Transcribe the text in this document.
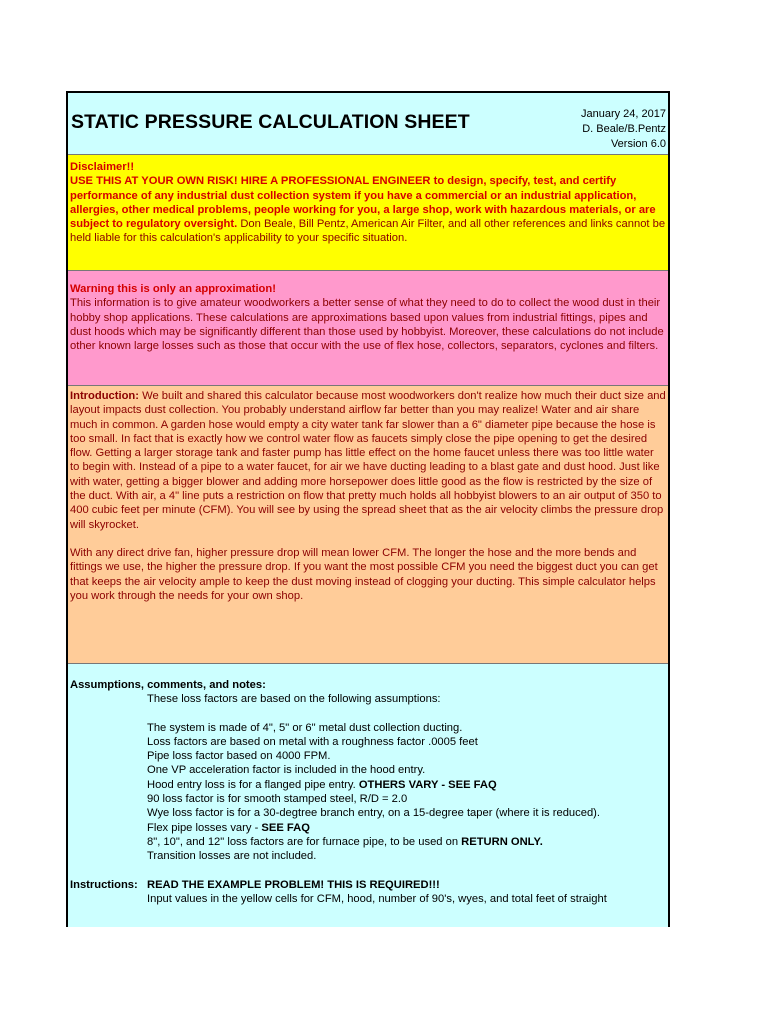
STATIC PRESSURE CALCULATION SHEET	January 24, 2017
D. Beale/B.Pentz
Version 6.0

Disclaimer!!

USE THIS AT YOUR OWN RISK! HIRE A PROFESSIONAL ENGINEER to design, specify, test, and certify performance of any industrial dust collection system if you have a commercial or an industrial application, allergies, other medical problems, people working for you, a large shop, work with hazardous materials, or are subject to regulatory oversight. Don Beale, Bill Pentz, American Air Filter, and all other references and links cannot be held liable for this calculation's applicability to your specific situation.

Warning this is only an approximation!

This information is to give amateur woodworkers a better sense of what they need to do to collect the wood dust in their hobby shop applications. These calculations are approximations based upon values from industrial fittings, pipes and dust hoods which may be significantly different than those used by hobbyist. Moreover, these calculations do not include other known large losses such as those that occur with the use of flex hose, collectors, separators, cyclones and filters.

Introduction: We built and shared this calculator because most woodworkers don't realize how much their duct size and layout impacts dust collection. You probably understand airflow far better than you may realize! Water and air share much in common. A garden hose would empty a city water tank far slower than a 6" diameter pipe because the hose is too small. In fact that is exactly how we control water flow as faucets simply close the pipe opening to get the desired flow. Getting a larger storage tank and faster pump has little effect on the home faucet unless there was too little water to begin with. Instead of a pipe to a water faucet, for air we have ducting leading to a blast gate and dust hood. Just like with water, getting a bigger blower and adding more horsepower does little good as the flow is restricted by the size of the duct. With air, a 4" line puts a restriction on flow that pretty much holds all hobbyist blowers to an air output of 350 to 400 cubic feet per minute (CFM). You will see by using the spread sheet that as the air velocity climbs the pressure drop will skyrocket.

With any direct drive fan, higher pressure drop will mean lower CFM. The longer the hose and the more bends and fittings we use, the higher the pressure drop. If you want the most possible CFM you need the biggest duct you can get that keeps the air velocity ample to keep the dust moving instead of clogging your ducting. This simple calculator helps you work through the needs for your own shop.

Assumptions, comments, and notes:

These loss factors are based on the following assumptions:

The system is made of 4", 5" or 6" metal dust collection ducting.

Loss factors are based on metal with a roughness factor .0005 feet

Pipe loss factor based on 4000 FPM.

One VP acceleration factor is included in the hood entry.

Hood entry loss is for a flanged pipe entry. OTHERS VARY - SEE FAQ

90 loss factor is for smooth stamped steel, R/D = 2.0

Wye loss factor is for a 30-degtree branch entry, on a 15-degree taper (where it is reduced).

Flex pipe losses vary - SEE FAQ

8", 10", and 12" loss factors are for furnace pipe, to be used on RETURN ONLY.

Transition losses are not included.

Instructions: READ THE EXAMPLE PROBLEM! THIS IS REQUIRED!!!

Input values in the yellow cells for CFM, hood, number of 90's, wyes, and total feet of straight
